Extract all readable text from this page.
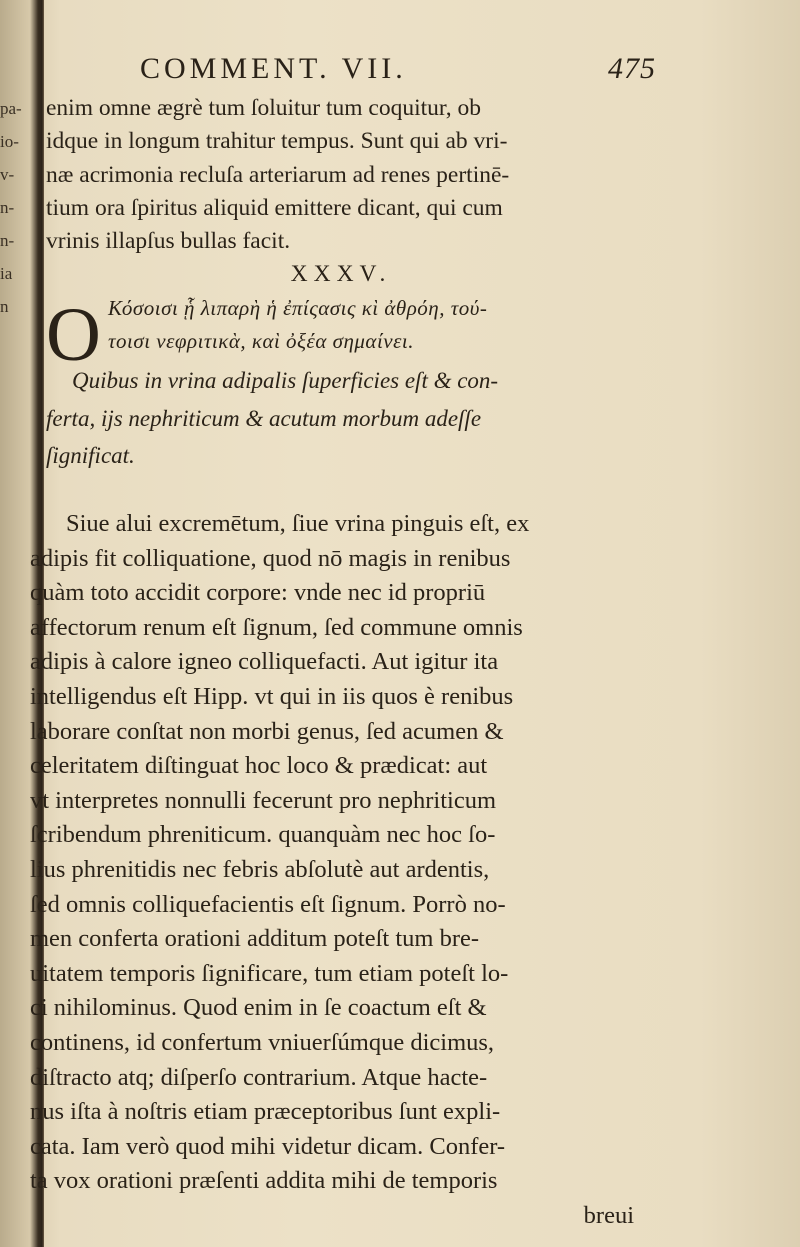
pa-
io-
v-
n-
n-
ia
n
COMMENT. VII.	475
enim omne ægrè tum ſoluitur tum coquitur, ob
idque in longum trahitur tempus. Sunt qui ab vri-
næ acrimonia recluſa arteriarum ad renes pertinē-
tium ora ſpiritus aliquid emittere dicant, qui cum
vrinis illapſus bullas facit.
XXXV.
Κόσοισι ᾗ λιπαρὴ ἡ ἐπίςασις κὶ ἀθρόη, τού-
τοισι νεφριτικὰ, καὶ ὀξέα σημαίνει.
Quibus in vrina adipalis ſuperficies eſt & con-
ferta, ijs nephriticum & acutum morbum adeſſe
ſignificat.
O
Siue alui excremētum, ſiue vrina pinguis eſt, ex
adipis fit colliquatione, quod nō magis in renibus
quàm toto accidit corpore: vnde nec id propriū
affectorum renum eſt ſignum, ſed commune omnis
adipis à calore igneo colliquefacti. Aut igitur ita
intelligendus eſt Hipp. vt qui in iis quos è renibus
laborare conſtat non morbi genus, ſed acumen &
celeritatem diſtinguat hoc loco & prædicat: aut
vt interpretes nonnulli fecerunt pro nephriticum
ſcribendum phreniticum. quanquàm nec hoc ſo-
lius phrenitidis nec febris abſolutè aut ardentis,
ſed omnis colliquefacientis eſt ſignum. Porrò no-
men conferta orationi additum poteſt tum bre-
uitatem temporis ſignificare, tum etiam poteſt lo-
ci nihilominus. Quod enim in ſe coactum eſt &
continens, id confertum vniuerſúmque dicimus,
diſtracto atq; diſperſo contrarium. Atque hacte-
nus iſta à noſtris etiam præceptoribus ſunt expli-
cata. Iam verò quod mihi videtur dicam. Confer-
ta vox orationi præſenti addita mihi de temporis
breui
